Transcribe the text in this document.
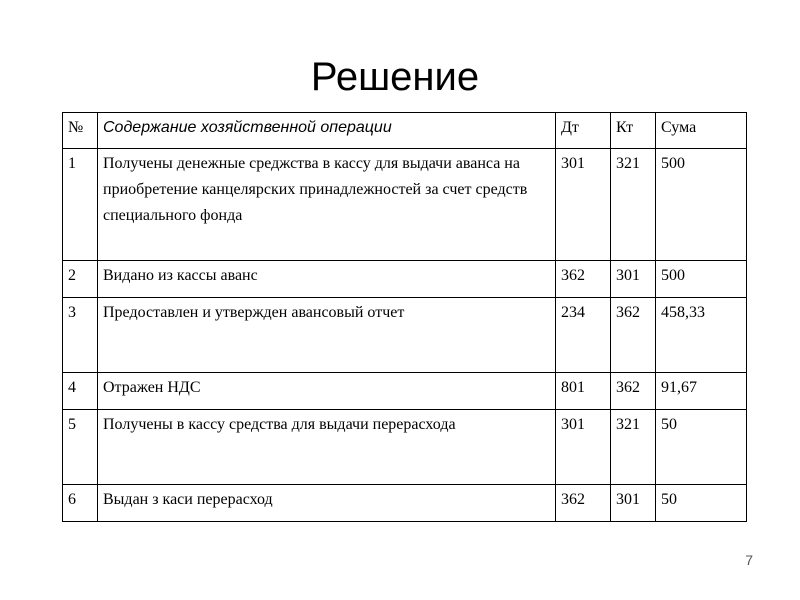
Решение
№	Содержание хозяйственной операции	Дт	Кт	Сума
1	Получены денежные среджства в кассу для выдачи аванса на приобретение канцелярских принадлежностей за счет средств специального фонда	301	321	500
2	Видано из кассы аванс	362	301	500
3	Предоставлен и утвержден авансовый отчет	234	362	458,33
4	Отражен НДС	801	362	91,67
5	Получены в кассу средства для выдачи перерасхода	301	321	50
6	Выдан з каси перерасход	362	301	50
7
